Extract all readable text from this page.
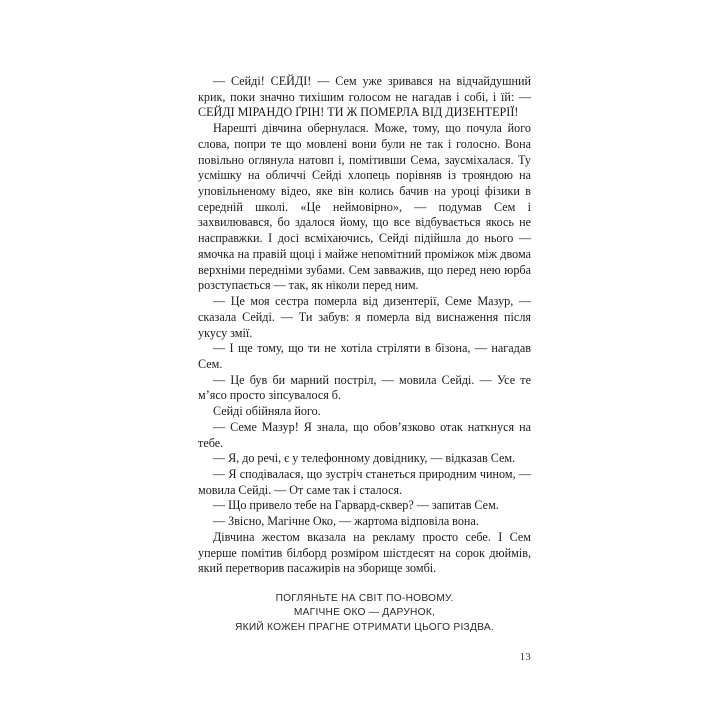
— Сейді! СЕЙДІ! — Сем уже зривався на відчайдушний крик, поки значно тихішим голосом не нагадав і собі, і їй: — СЕЙДІ МІРАНДО ҐРІН! ТИ Ж ПОМЕРЛА ВІД ДИЗЕНТЕРІЇ!

Нарешті дівчина обернулася. Може, тому, що почула його слова, попри те що мовлені вони були не так і голосно. Вона повільно оглянула натовп і, помітивши Сема, заусміхалася. Ту усмішку на обличчі Сейді хлопець порівняв із трояндою на уповільненому відео, яке він колись бачив на уроці фізики в середній школі. «Це неймовірно», — подумав Сем і захвилювався, бо здалося йому, що все відбувається якось не насправжки. І досі всміхаючись, Сейді підійшла до нього — ямочка на правій щоці і майже непомітний проміжок між двома верхніми передніми зубами. Сем завважив, що перед нею юрба розступається — так, як ніколи перед ним.

— Це моя сестра померла від дизентерії, Семе Мазур, — сказала Сейді. — Ти забув: я померла від виснаження після укусу змії.

— І ще тому, що ти не хотіла стріляти в бізона, — нагадав Сем.

— Це був би марний постріл, — мовила Сейді. — Усе те м’ясо просто зіпсувалося б.

Сейді обійняла його.

— Семе Мазур! Я знала, що обов’язково отак наткнуся на тебе.

— Я, до речі, є у телефонному довіднику, — відказав Сем.

— Я сподівалася, що зустріч станеться природним чином, — мовила Сейді. — От саме так і сталося.

— Що привело тебе на Гарвард-сквер? — запитав Сем.

— Звісно, Магічне Око, — жартома відповіла вона.

Дівчина жестом вказала на рекламу просто себе. І Сем уперше помітив білборд розміром шістдесят на сорок дюймів, який перетворив пасажирів на зборище зомбі.

ПОГЛЯНЬТЕ НА СВІТ ПО-НОВОМУ.
МАГІЧНЕ ОКО — ДАРУНОК,
ЯКИЙ КОЖЕН ПРАГНЕ ОТРИМАТИ ЦЬОГО РІЗДВА.
13
